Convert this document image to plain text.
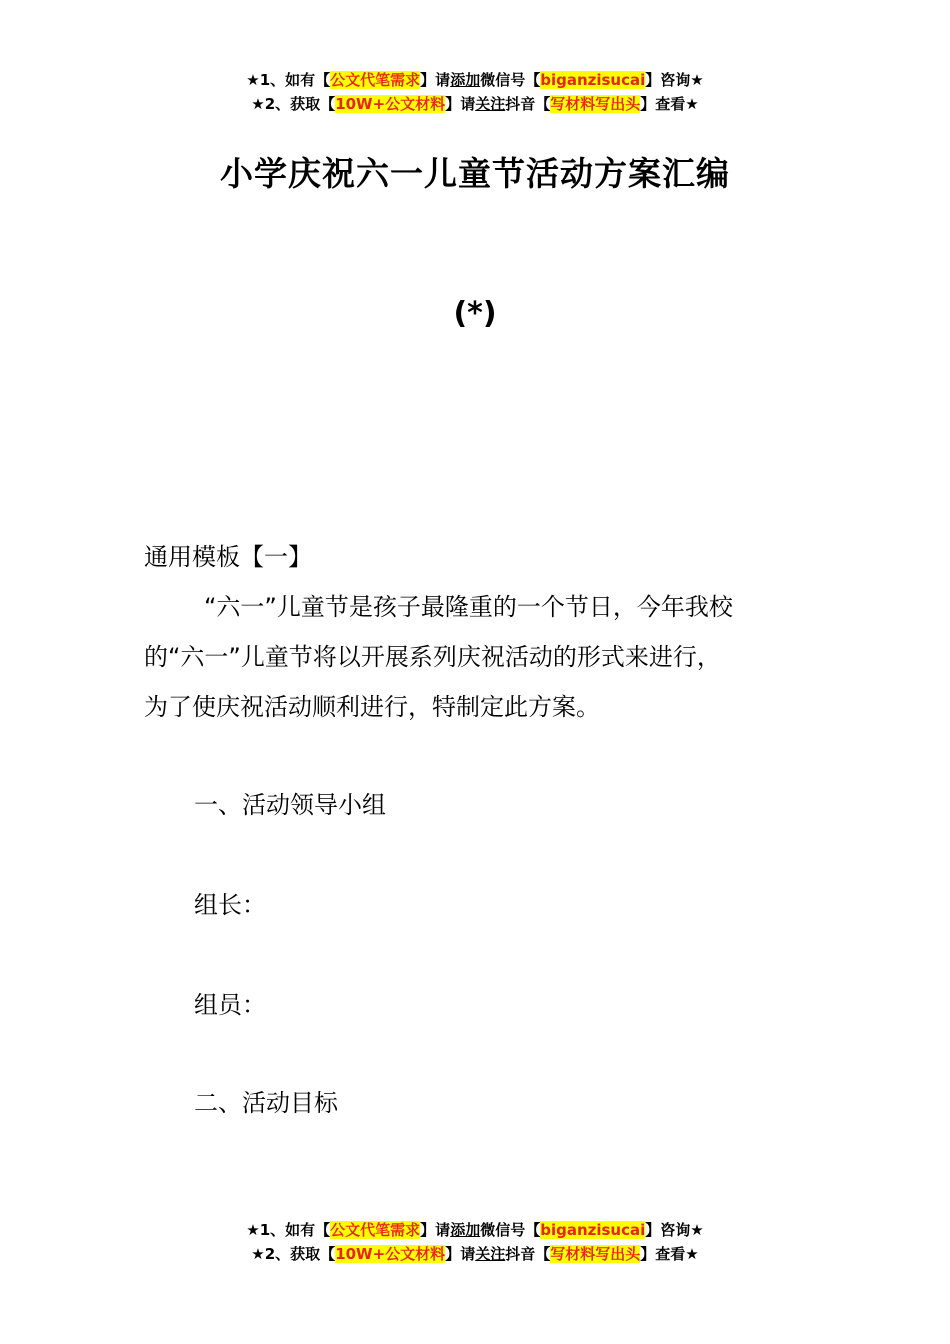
★1、如有【公文代笔需求】请添加微信号【biganzisucai】咨询★
★2、获取【10W+公文材料】请关注抖音【写材料写出头】查看★
小学庆祝六一儿童节活动方案汇编
(*)
通用模板【一】
“六一”儿童节是孩子最隆重的一个节日，今年我校
的“六一”儿童节将以开展系列庆祝活动的形式来进行，
为了使庆祝活动顺利进行，特制定此方案。
一、活动领导小组
组长：
组员：
二、活动目标
★1、如有【公文代笔需求】请添加微信号【biganzisucai】咨询★
★2、获取【10W+公文材料】请关注抖音【写材料写出头】查看★
